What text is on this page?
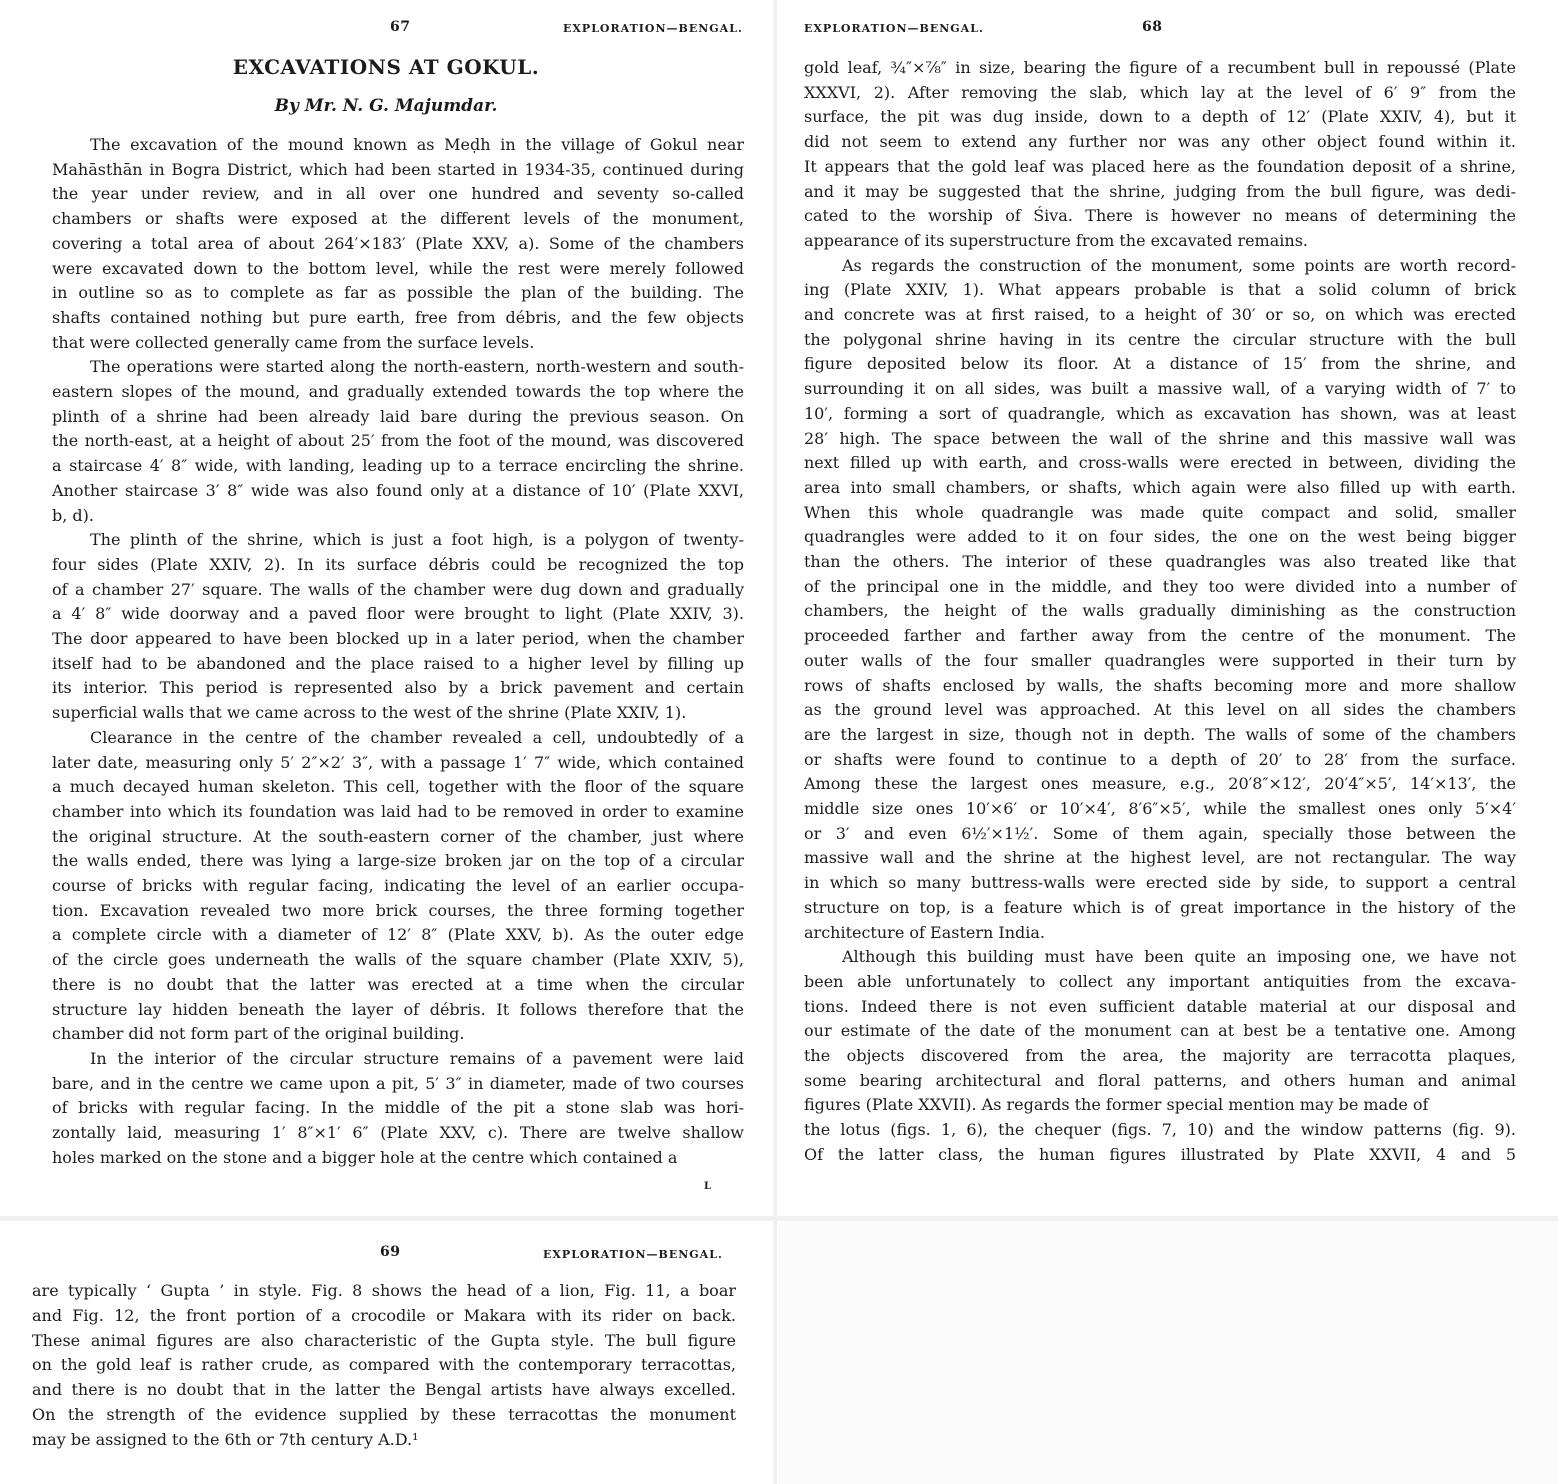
67	EXPLORATION—BENGAL.
EXCAVATIONS AT GOKUL.
By Mr. N. G. Majumdar.
The excavation of the mound known as Meḍh in the village of Gokul near
Mahāsthān in Bogra District, which had been started in 1934-35, continued during
the year under review, and in all over one hundred and seventy so-called
chambers or shafts were exposed at the different levels of the monument,
covering a total area of about 264′×183′ (Plate XXV, a). Some of the chambers
were excavated down to the bottom level, while the rest were merely followed
in outline so as to complete as far as possible the plan of the building. The
shafts contained nothing but pure earth, free from débris, and the few objects
that were collected generally came from the surface levels.
The operations were started along the north-eastern, north-western and south-
eastern slopes of the mound, and gradually extended towards the top where the
plinth of a shrine had been already laid bare during the previous season. On
the north-east, at a height of about 25′ from the foot of the mound, was discovered
a staircase 4′ 8″ wide, with landing, leading up to a terrace encircling the shrine.
Another staircase 3′ 8″ wide was also found only at a distance of 10′ (Plate XXVI,
b, d).
The plinth of the shrine, which is just a foot high, is a polygon of twenty-
four sides (Plate XXIV, 2). In its surface débris could be recognized the top
of a chamber 27′ square. The walls of the chamber were dug down and gradually
a 4′ 8″ wide doorway and a paved floor were brought to light (Plate XXIV, 3).
The door appeared to have been blocked up in a later period, when the chamber
itself had to be abandoned and the place raised to a higher level by filling up
its interior. This period is represented also by a brick pavement and certain
superficial walls that we came across to the west of the shrine (Plate XXIV, 1).
Clearance in the centre of the chamber revealed a cell, undoubtedly of a
later date, measuring only 5′ 2″×2′ 3″, with a passage 1′ 7″ wide, which contained
a much decayed human skeleton. This cell, together with the floor of the square
chamber into which its foundation was laid had to be removed in order to examine
the original structure. At the south-eastern corner of the chamber, just where
the walls ended, there was lying a large-size broken jar on the top of a circular
course of bricks with regular facing, indicating the level of an earlier occupa-
tion. Excavation revealed two more brick courses, the three forming together
a complete circle with a diameter of 12′ 8″ (Plate XXV, b). As the outer edge
of the circle goes underneath the walls of the square chamber (Plate XXIV, 5),
there is no doubt that the latter was erected at a time when the circular
structure lay hidden beneath the layer of débris. It follows therefore that the
chamber did not form part of the original building.
In the interior of the circular structure remains of a pavement were laid
bare, and in the centre we came upon a pit, 5′ 3″ in diameter, made of two courses
of bricks with regular facing. In the middle of the pit a stone slab was hori-
zontally laid, measuring 1′ 8″×1′ 6″ (Plate XXV, c). There are twelve shallow
holes marked on the stone and a bigger hole at the centre which contained a
L
EXPLORATION—BENGAL.	68
gold leaf, ¾″×⅞″ in size, bearing the figure of a recumbent bull in repoussé (Plate
XXXVI, 2). After removing the slab, which lay at the level of 6′ 9″ from the
surface, the pit was dug inside, down to a depth of 12′ (Plate XXIV, 4), but it
did not seem to extend any further nor was any other object found within it.
It appears that the gold leaf was placed here as the foundation deposit of a shrine,
and it may be suggested that the shrine, judging from the bull figure, was dedi-
cated to the worship of Śiva. There is however no means of determining the
appearance of its superstructure from the excavated remains.
As regards the construction of the monument, some points are worth record-
ing (Plate XXIV, 1). What appears probable is that a solid column of brick
and concrete was at first raised, to a height of 30′ or so, on which was erected
the polygonal shrine having in its centre the circular structure with the bull
figure deposited below its floor. At a distance of 15′ from the shrine, and
surrounding it on all sides, was built a massive wall, of a varying width of 7′ to
10′, forming a sort of quadrangle, which as excavation has shown, was at least
28′ high. The space between the wall of the shrine and this massive wall was
next filled up with earth, and cross-walls were erected in between, dividing the
area into small chambers, or shafts, which again were also filled up with earth.
When this whole quadrangle was made quite compact and solid, smaller
quadrangles were added to it on four sides, the one on the west being bigger
than the others. The interior of these quadrangles was also treated like that
of the principal one in the middle, and they too were divided into a number of
chambers, the height of the walls gradually diminishing as the construction
proceeded farther and farther away from the centre of the monument. The
outer walls of the four smaller quadrangles were supported in their turn by
rows of shafts enclosed by walls, the shafts becoming more and more shallow
as the ground level was approached. At this level on all sides the chambers
are the largest in size, though not in depth. The walls of some of the chambers
or shafts were found to continue to a depth of 20′ to 28′ from the surface.
Among these the largest ones measure, e.g., 20′8″×12′, 20′4″×5′, 14′×13′, the
middle size ones 10′×6′ or 10′×4′, 8′6″×5′, while the smallest ones only 5′×4′
or 3′ and even 6½′×1½′. Some of them again, specially those between the
massive wall and the shrine at the highest level, are not rectangular. The way
in which so many buttress-walls were erected side by side, to support a central
structure on top, is a feature which is of great importance in the history of the
architecture of Eastern India.
Although this building must have been quite an imposing one, we have not
been able unfortunately to collect any important antiquities from the excava-
tions. Indeed there is not even sufficient datable material at our disposal and
our estimate of the date of the monument can at best be a tentative one. Among
the objects discovered from the area, the majority are terracotta plaques,
some bearing architectural and floral patterns, and others human and animal
figures (Plate XXVII). As regards the former special mention may be made of
the lotus (figs. 1, 6), the chequer (figs. 7, 10) and the window patterns (fig. 9).
Of the latter class, the human figures illustrated by Plate XXVII, 4 and 5
69	EXPLORATION—BENGAL.
are typically ‘ Gupta ’ in style. Fig. 8 shows the head of a lion, Fig. 11, a boar
and Fig. 12, the front portion of a crocodile or Makara with its rider on back.
These animal figures are also characteristic of the Gupta style. The bull figure
on the gold leaf is rather crude, as compared with the contemporary terracottas,
and there is no doubt that in the latter the Bengal artists have always excelled.
On the strength of the evidence supplied by these terracottas the monument
may be assigned to the 6th or 7th century A.D.¹
